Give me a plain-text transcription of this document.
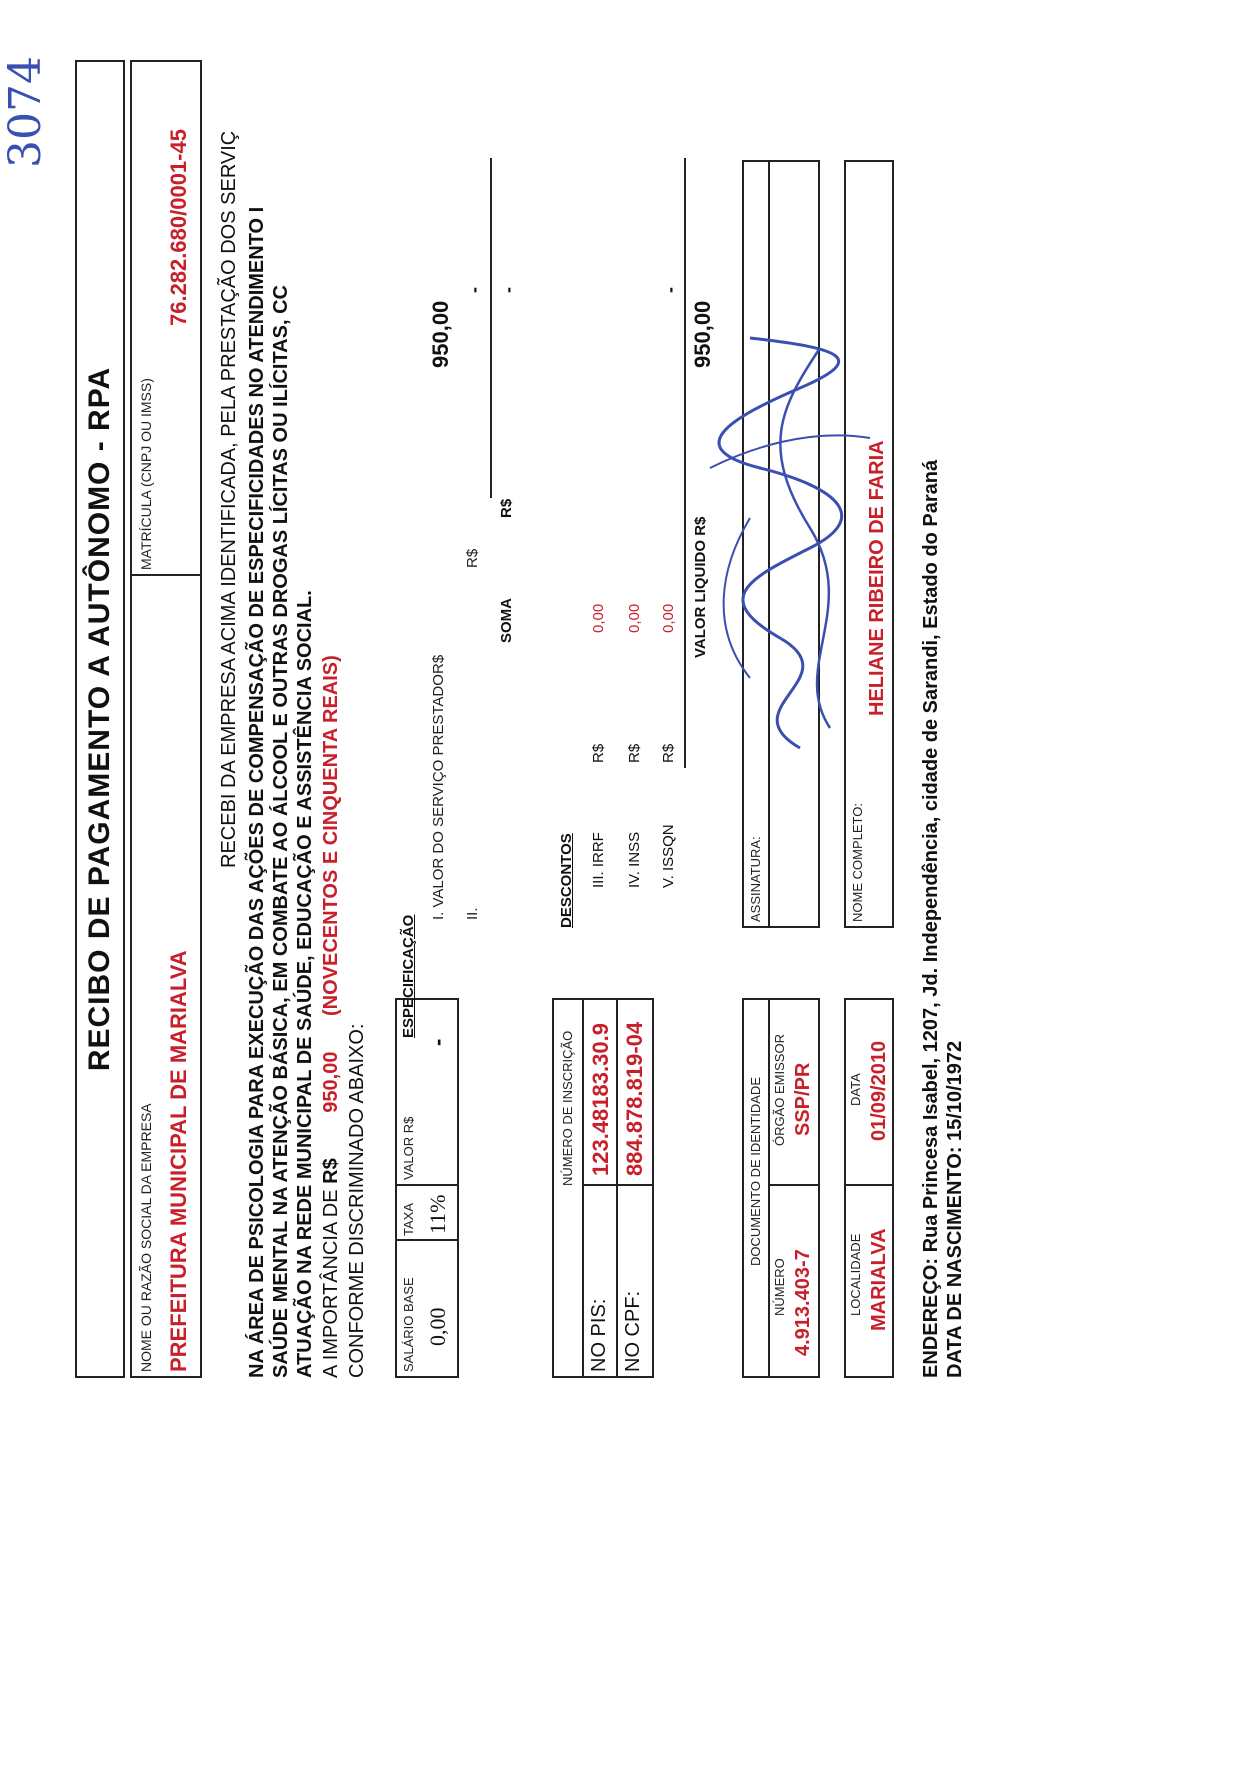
3074
RECIBO DE PAGAMENTO A AUTÔNOMO - RPA
NOME OU RAZÃO SOCIAL DA EMPRESA PREFEITURA MUNICIPAL DE MARIALVA
MATRÍCULA (CNPJ OU IMSS)
76.282.680/0001-45 RECEBI DA EMPRESA ACIMA IDENTIFICADA, PELA PRESTAÇÃO DOS SERVIÇ NA ÁREA DE PSICOLOGIA PARA EXECUÇÃO DAS AÇÕES DE COMPENSAÇÃO DE ESPECIFICIDADES NO ATENDIMENTO I SAÚDE MENTAL NA ATENÇÃO BÁSICA, EM COMBATE AO ÁLCOOL E OUTRAS DROGAS LÍCITAS OU ILÍCITAS, CC ATUAÇÃO NA REDE MUNICIPAL DE SAÚDE, EDUCAÇÃO E ASSISTÊNCIA SOCIAL. A IMPORTÂNCIA DE R$ 950,00 (NOVECENTOS E CINQUENTA REAIS)
CONFORME DISCRIMINADO ABAIXO:	SALÁRIO BASE 0,00
TAXA 11%
VALOR R$
-
ESPECIFICAÇÃO
I. VALOR DO SERVIÇO PRESTADO
R$
950,00
II.
R$
-
SOMA
R$
-
NÚMERO DE INSCRIÇÃO
NO PIS:
123.48183.30.9
NO CPF:
884.878.819-04
DESCONTOS III. IRRF
R$
0,00
IV. INSS
R$
0,00
V. ISSQN
R$
0,00
-
VALOR LIQUIDO R$
950,00
DOCUMENTO DE IDENTIDADE
NÚMERO 4.913.403-7
ÓRGÃO EMISSOR SSP/PR
LOCALIDADE MARIALVA
DATA 01/09/2010
ASSINATURA:	NOME COMPLETO:
HELIANE RIBEIRO DE FARIA ENDEREÇO: Rua Princesa Isabel, 1207, Jd. Independência, cidade de Sarandi, Estado do Paraná DATA DE NASCIMENTO: 15/10/1972
